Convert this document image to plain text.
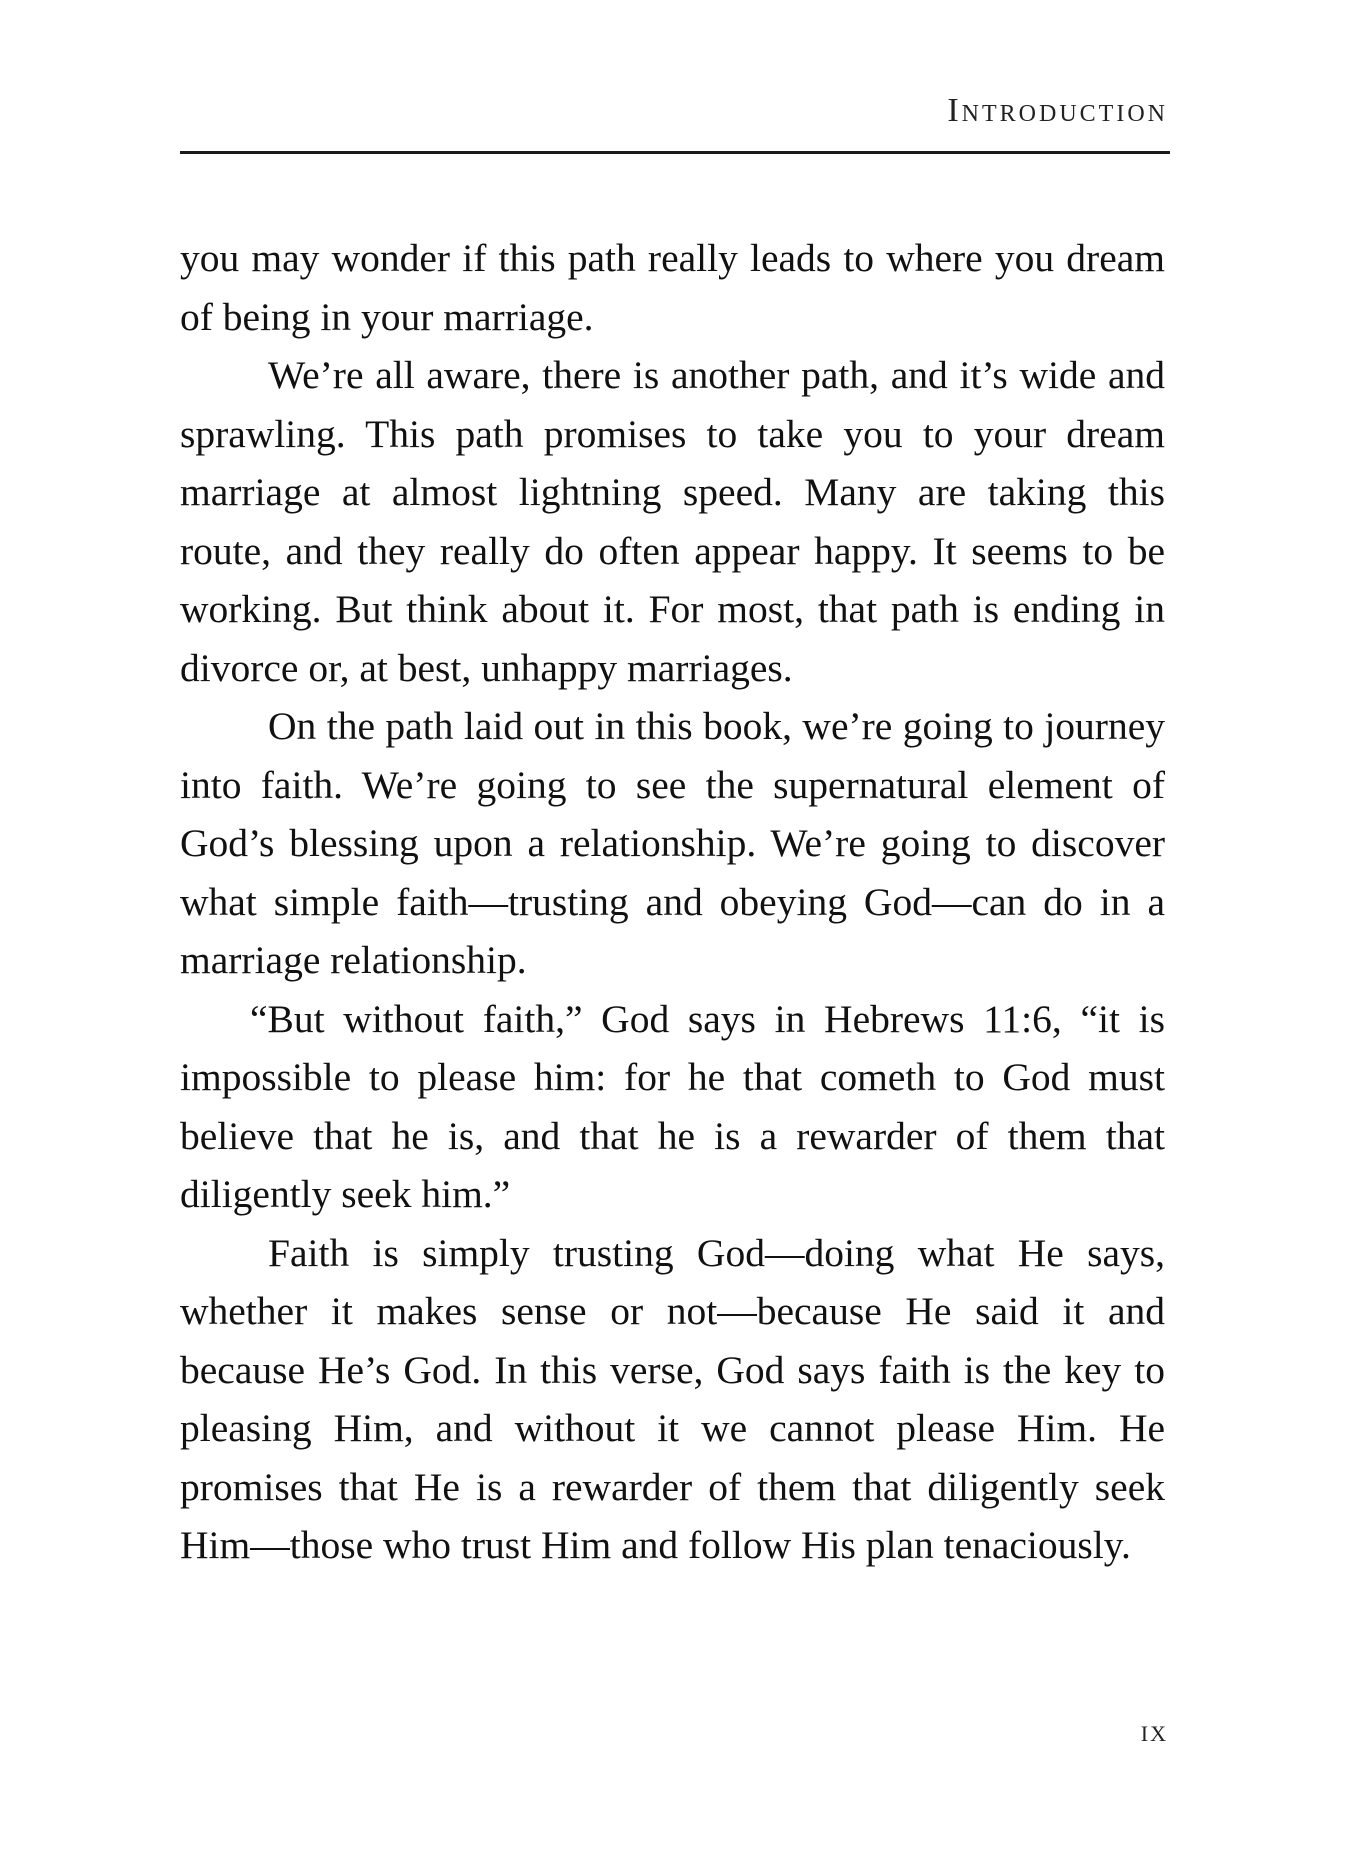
Introduction

you may wonder if this path really leads to where you dream of being in your marriage.

We’re all aware, there is another path, and it’s wide and sprawling. This path promises to take you to your dream marriage at almost lightning speed. Many are taking this route, and they really do often appear happy. It seems to be working. But think about it. For most, that path is ending in divorce or, at best, unhappy marriages.

On the path laid out in this book, we’re going to journey into faith. We’re going to see the supernatural element of God’s blessing upon a relationship. We’re going to discover what simple faith—trusting and obeying God—can do in a marriage relationship.

“But without faith,” God says in Hebrews 11:6, “it is impossible to please him: for he that cometh to God must believe that he is, and that he is a rewarder of them that diligently seek him.”

Faith is simply trusting God—doing what He says, whether it makes sense or not—because He said it and because He’s God. In this verse, God says faith is the key to pleasing Him, and without it we cannot please Him. He promises that He is a rewarder of them that diligently seek Him—those who trust Him and follow His plan tenaciously.

ix
